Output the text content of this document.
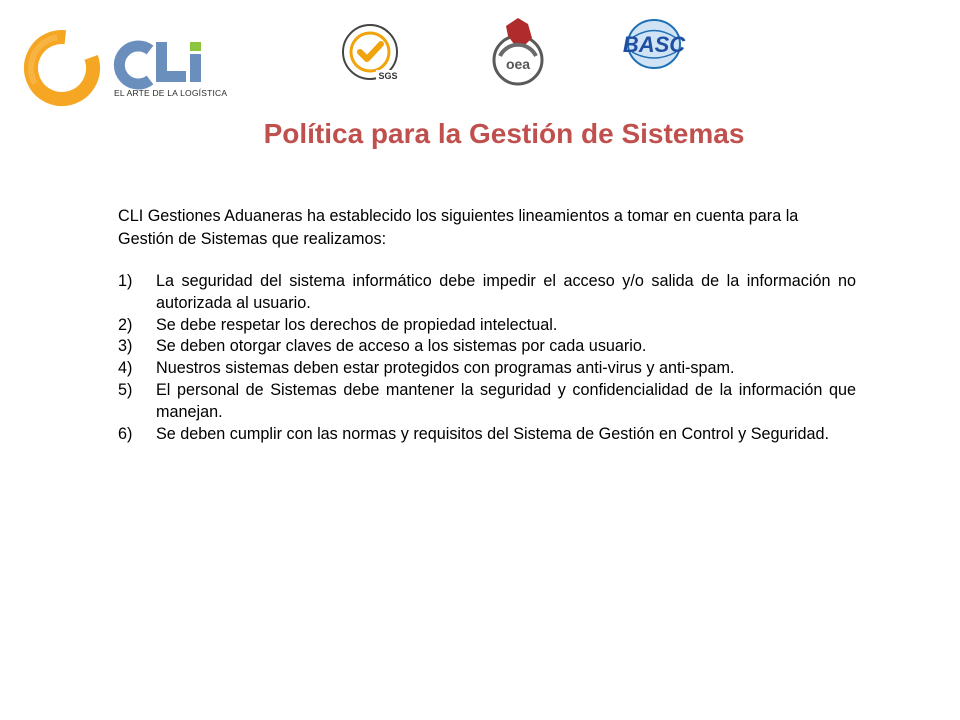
EL ARTE DE LA LOGÍSTICA
SGS
oea
BASC
Política para la Gestión de Sistemas

CLI Gestiones Aduaneras ha establecido los siguientes lineamientos a tomar en cuenta para la Gestión de Sistemas que realizamos:

1) La seguridad del sistema informático debe impedir el acceso y/o salida de la información no autorizada al usuario.
2) Se debe respetar los derechos de propiedad intelectual.
3) Se deben otorgar claves de acceso a los sistemas por cada usuario.
4) Nuestros sistemas deben estar protegidos con programas anti-virus y anti-spam.
5) El personal de Sistemas debe mantener la seguridad y confidencialidad de la información que manejan.
6) Se deben cumplir con las normas y requisitos del Sistema de Gestión en Control y Seguridad.
